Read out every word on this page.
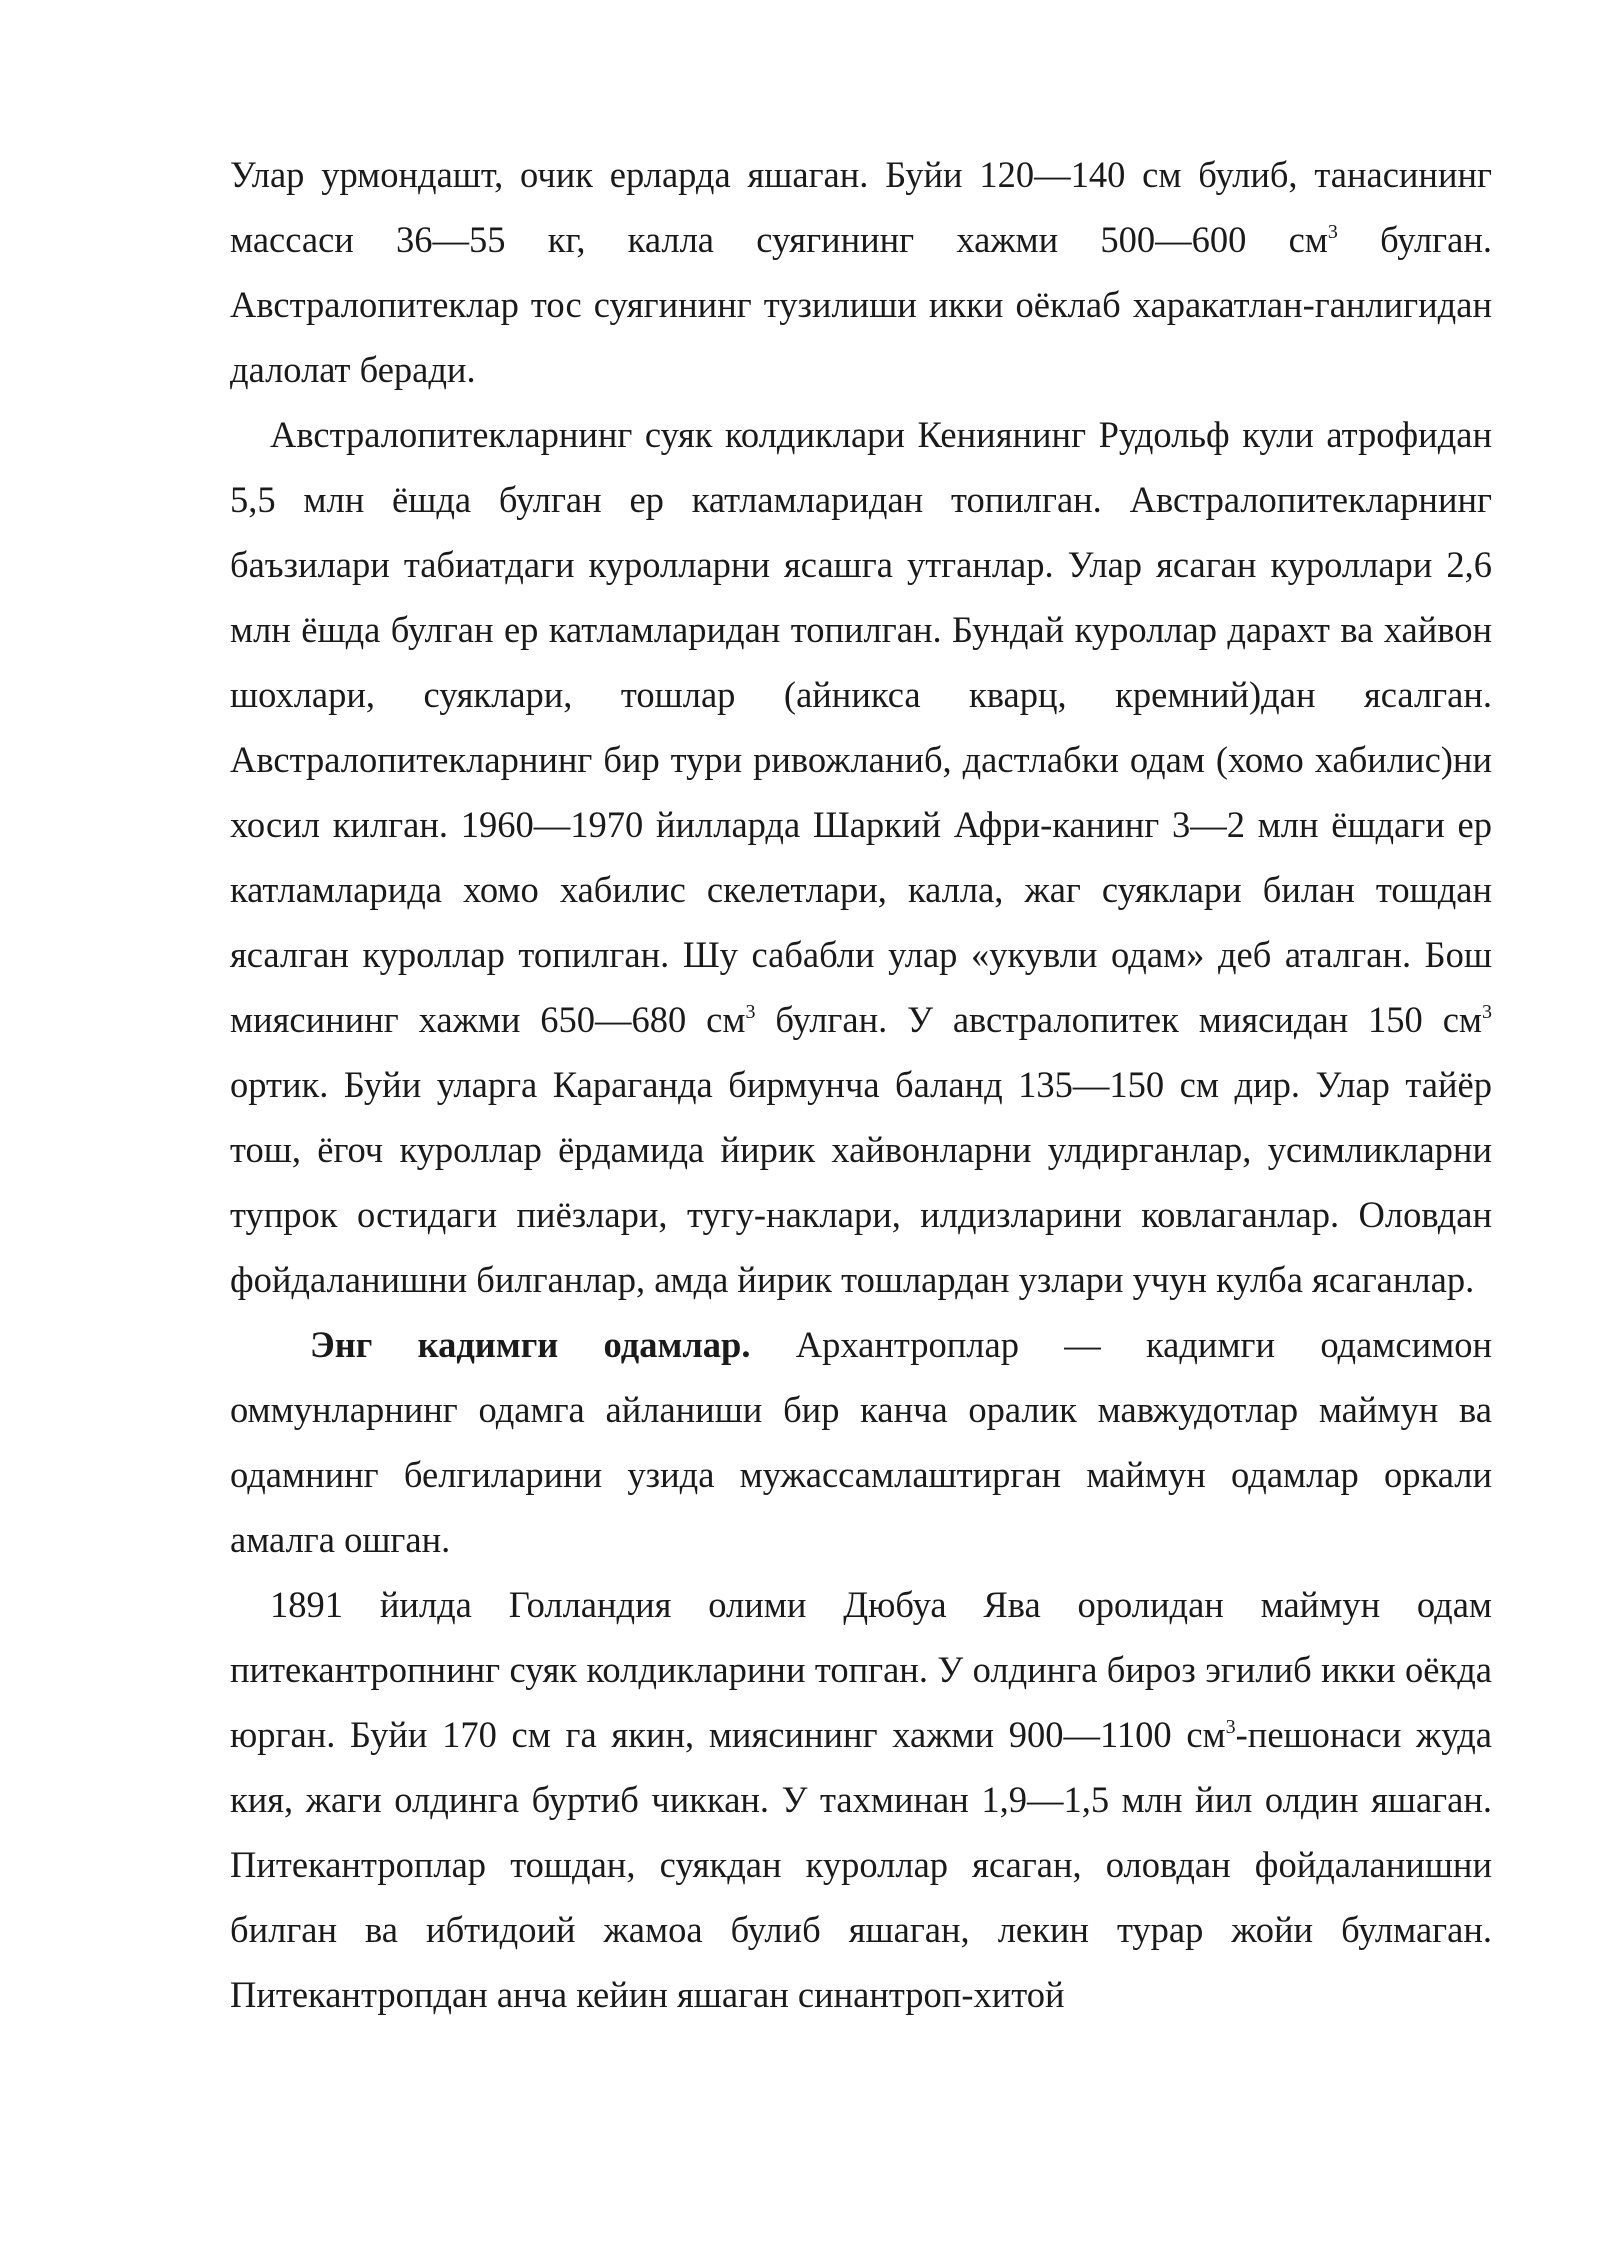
Улар урмондашт, очик ерларда яшаган. Буйи 120—140 см булиб, танасининг массаси 36—55 кг, калла суягининг хажми 500—600 $см^3$ булган. Австралопитеклар тос суягининг тузилиши икки оёклаб харакатлан-ганлигидан далолат беради.

Австралопитекларнинг суяк колдиклари Кениянинг Рудольф кули атрофидан 5,5 млн ёшда булган ер катламларидан топилган. Австралопитекларнинг баъзилари табиатдаги куролларни ясашга утганлар. Улар ясаган куроллари 2,6 млн ёшда булган ер катламларидан топилган. Бундай куроллар дарахт ва хайвон шохлари, суяклари, тошлар (айникса кварц, кремний)дан ясалган. Австралопитекларнинг бир тури ривожланиб, дастлабки одам (хомо хабилис)ни хосил килган. 1960—1970 йилларда Шаркий Афри-канинг 3—2 млн ёшдаги ер катламларида хомо хабилис скелетлари, калла, жаг суяклари билан тошдан ясалган куроллар топилган. Шу сабабли улар «укувли одам» деб аталган. Бош миясининг хажми 650—680 $см^3$ булган. У австралопитек миясидан 150 $см^3$ ортик. Буйи уларга Караганда бирмунча баланд 135—150 см дир. Улар тайёр тош, ёгоч куроллар ёрдамида йирик хайвонларни улдирганлар, усимликларни тупрок остидаги пиёзлари, тугу-наклари, илдизларини ковлаганлар. Оловдан фойдаланишни билганлар, амда йирик тошлардан узлари учун кулба ясаганлар.

Энг кадимги одамлар. Архантроплар — кадимги одамсимон оммунларнинг одамга айланиши бир канча оралик мавжудотлар маймун ва одамнинг белгиларини узида мужассамлаштирган маймун одамлар оркали амалга ошган.

1891 йилда Голландия олими Дюбуа Ява оролидан маймун одам питекантропнинг суяк колдикларини топган. У олдинга бироз эгилиб икки оёкда юрган. Буйи 170 см га якин, миясининг хажми 900—1100 $см^3$-пешонаси жуда кия, жаги олдинга буртиб чиккан. У тахминан 1,9—1,5 млн йил олдин яшаган. Питекантроплар тошдан, суякдан куроллар ясаган, оловдан фойдаланишни билган ва ибтидоий жамоа булиб яшаган, лекин турар жойи булмаган. Питекантропдан анча кейин яшаган синантроп-хитой
